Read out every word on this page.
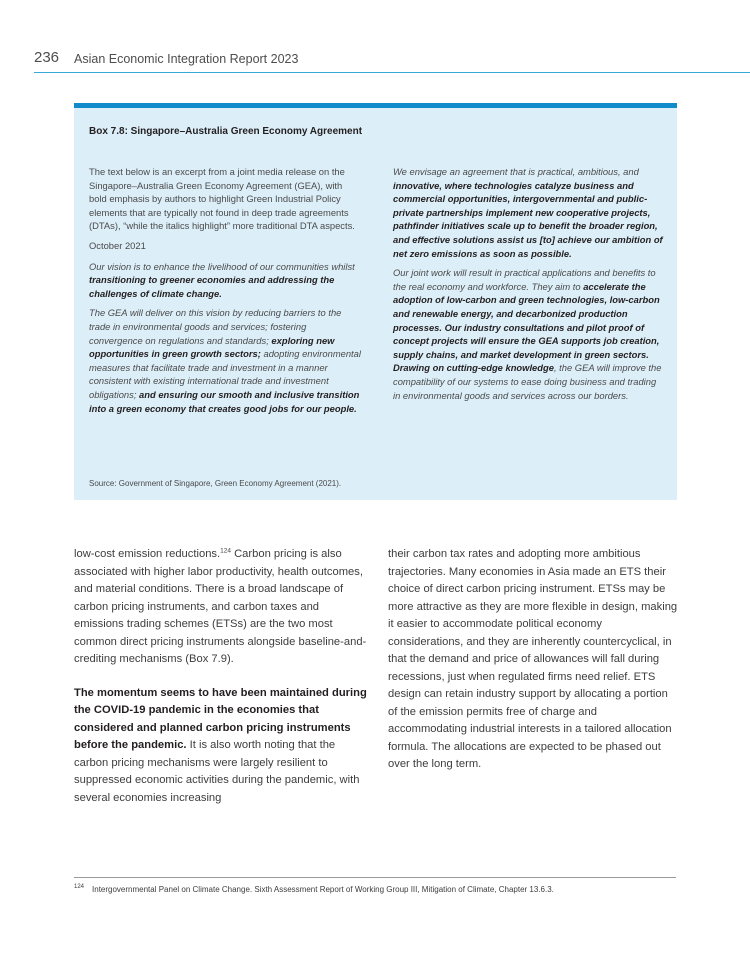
236 Asian Economic Integration Report 2023
Box 7.8: Singapore–Australia Green Economy Agreement

The text below is an excerpt from a joint media release on the Singapore–Australia Green Economy Agreement (GEA), with bold emphasis by authors to highlight Green Industrial Policy elements that are typically not found in deep trade agreements (DTAs), “while the italics highlight” more traditional DTA aspects.

October 2021

Our vision is to enhance the livelihood of our communities whilst transitioning to greener economies and addressing the challenges of climate change.

The GEA will deliver on this vision by reducing barriers to the trade in environmental goods and services; fostering convergence on regulations and standards; exploring new opportunities in green growth sectors; adopting environmental measures that facilitate trade and investment in a manner consistent with existing international trade and investment obligations; and ensuring our smooth and inclusive transition into a green economy that creates good jobs for our people.

We envisage an agreement that is practical, ambitious, and innovative, where technologies catalyze business and commercial opportunities, intergovernmental and public-private partnerships implement new cooperative projects, pathfinder initiatives scale up to benefit the broader region, and effective solutions assist us [to] achieve our ambition of net zero emissions as soon as possible.

Our joint work will result in practical applications and benefits to the real economy and workforce. They aim to accelerate the adoption of low-carbon and green technologies, low-carbon and renewable energy, and decarbonized production processes. Our industry consultations and pilot proof of concept projects will ensure the GEA supports job creation, supply chains, and market development in green sectors. Drawing on cutting-edge knowledge, the GEA will improve the compatibility of our systems to ease doing business and trading in environmental goods and services across our borders.

Source: Government of Singapore, Green Economy Agreement (2021).

low-cost emission reductions.$^{124}$ Carbon pricing is also associated with higher labor productivity, health outcomes, and material conditions. There is a broad landscape of carbon pricing instruments, and carbon taxes and emissions trading schemes (ETSs) are the two most common direct pricing instruments alongside baseline-and-crediting mechanisms (Box 7.9).

The momentum seems to have been maintained during the COVID-19 pandemic in the economies that considered and planned carbon pricing instruments before the pandemic. It is also worth noting that the carbon pricing mechanisms were largely resilient to suppressed economic activities during the pandemic, with several economies increasing

their carbon tax rates and adopting more ambitious trajectories. Many economies in Asia made an ETS their choice of direct carbon pricing instrument. ETSs may be more attractive as they are more flexible in design, making it easier to accommodate political economy considerations, and they are inherently countercyclical, in that the demand and price of allowances will fall during recessions, just when regulated firms need relief. ETS design can retain industry support by allocating a portion of the emission permits free of charge and accommodating industrial interests in a tailored allocation formula. The allocations are expected to be phased out over the long term.

$^{124}$ Intergovernmental Panel on Climate Change. Sixth Assessment Report of Working Group III, Mitigation of Climate, Chapter 13.6.3.
